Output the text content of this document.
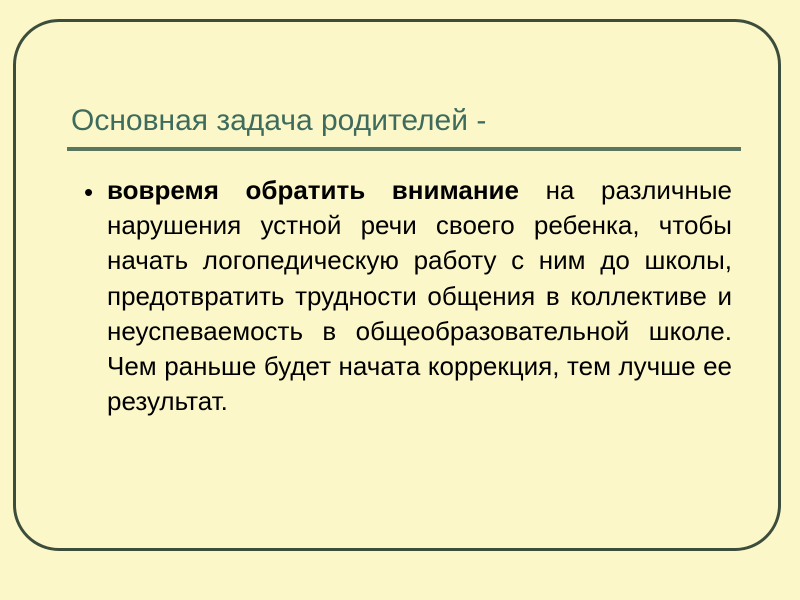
Основная задача родителей -
• вовремя обратить внимание на различные нарушения устной речи своего ребенка, чтобы начать логопедическую работу с ним до школы, предотвратить трудности общения в коллективе и неуспеваемость в общеобразовательной школе. Чем раньше будет начата коррекция, тем лучше ее результат.
